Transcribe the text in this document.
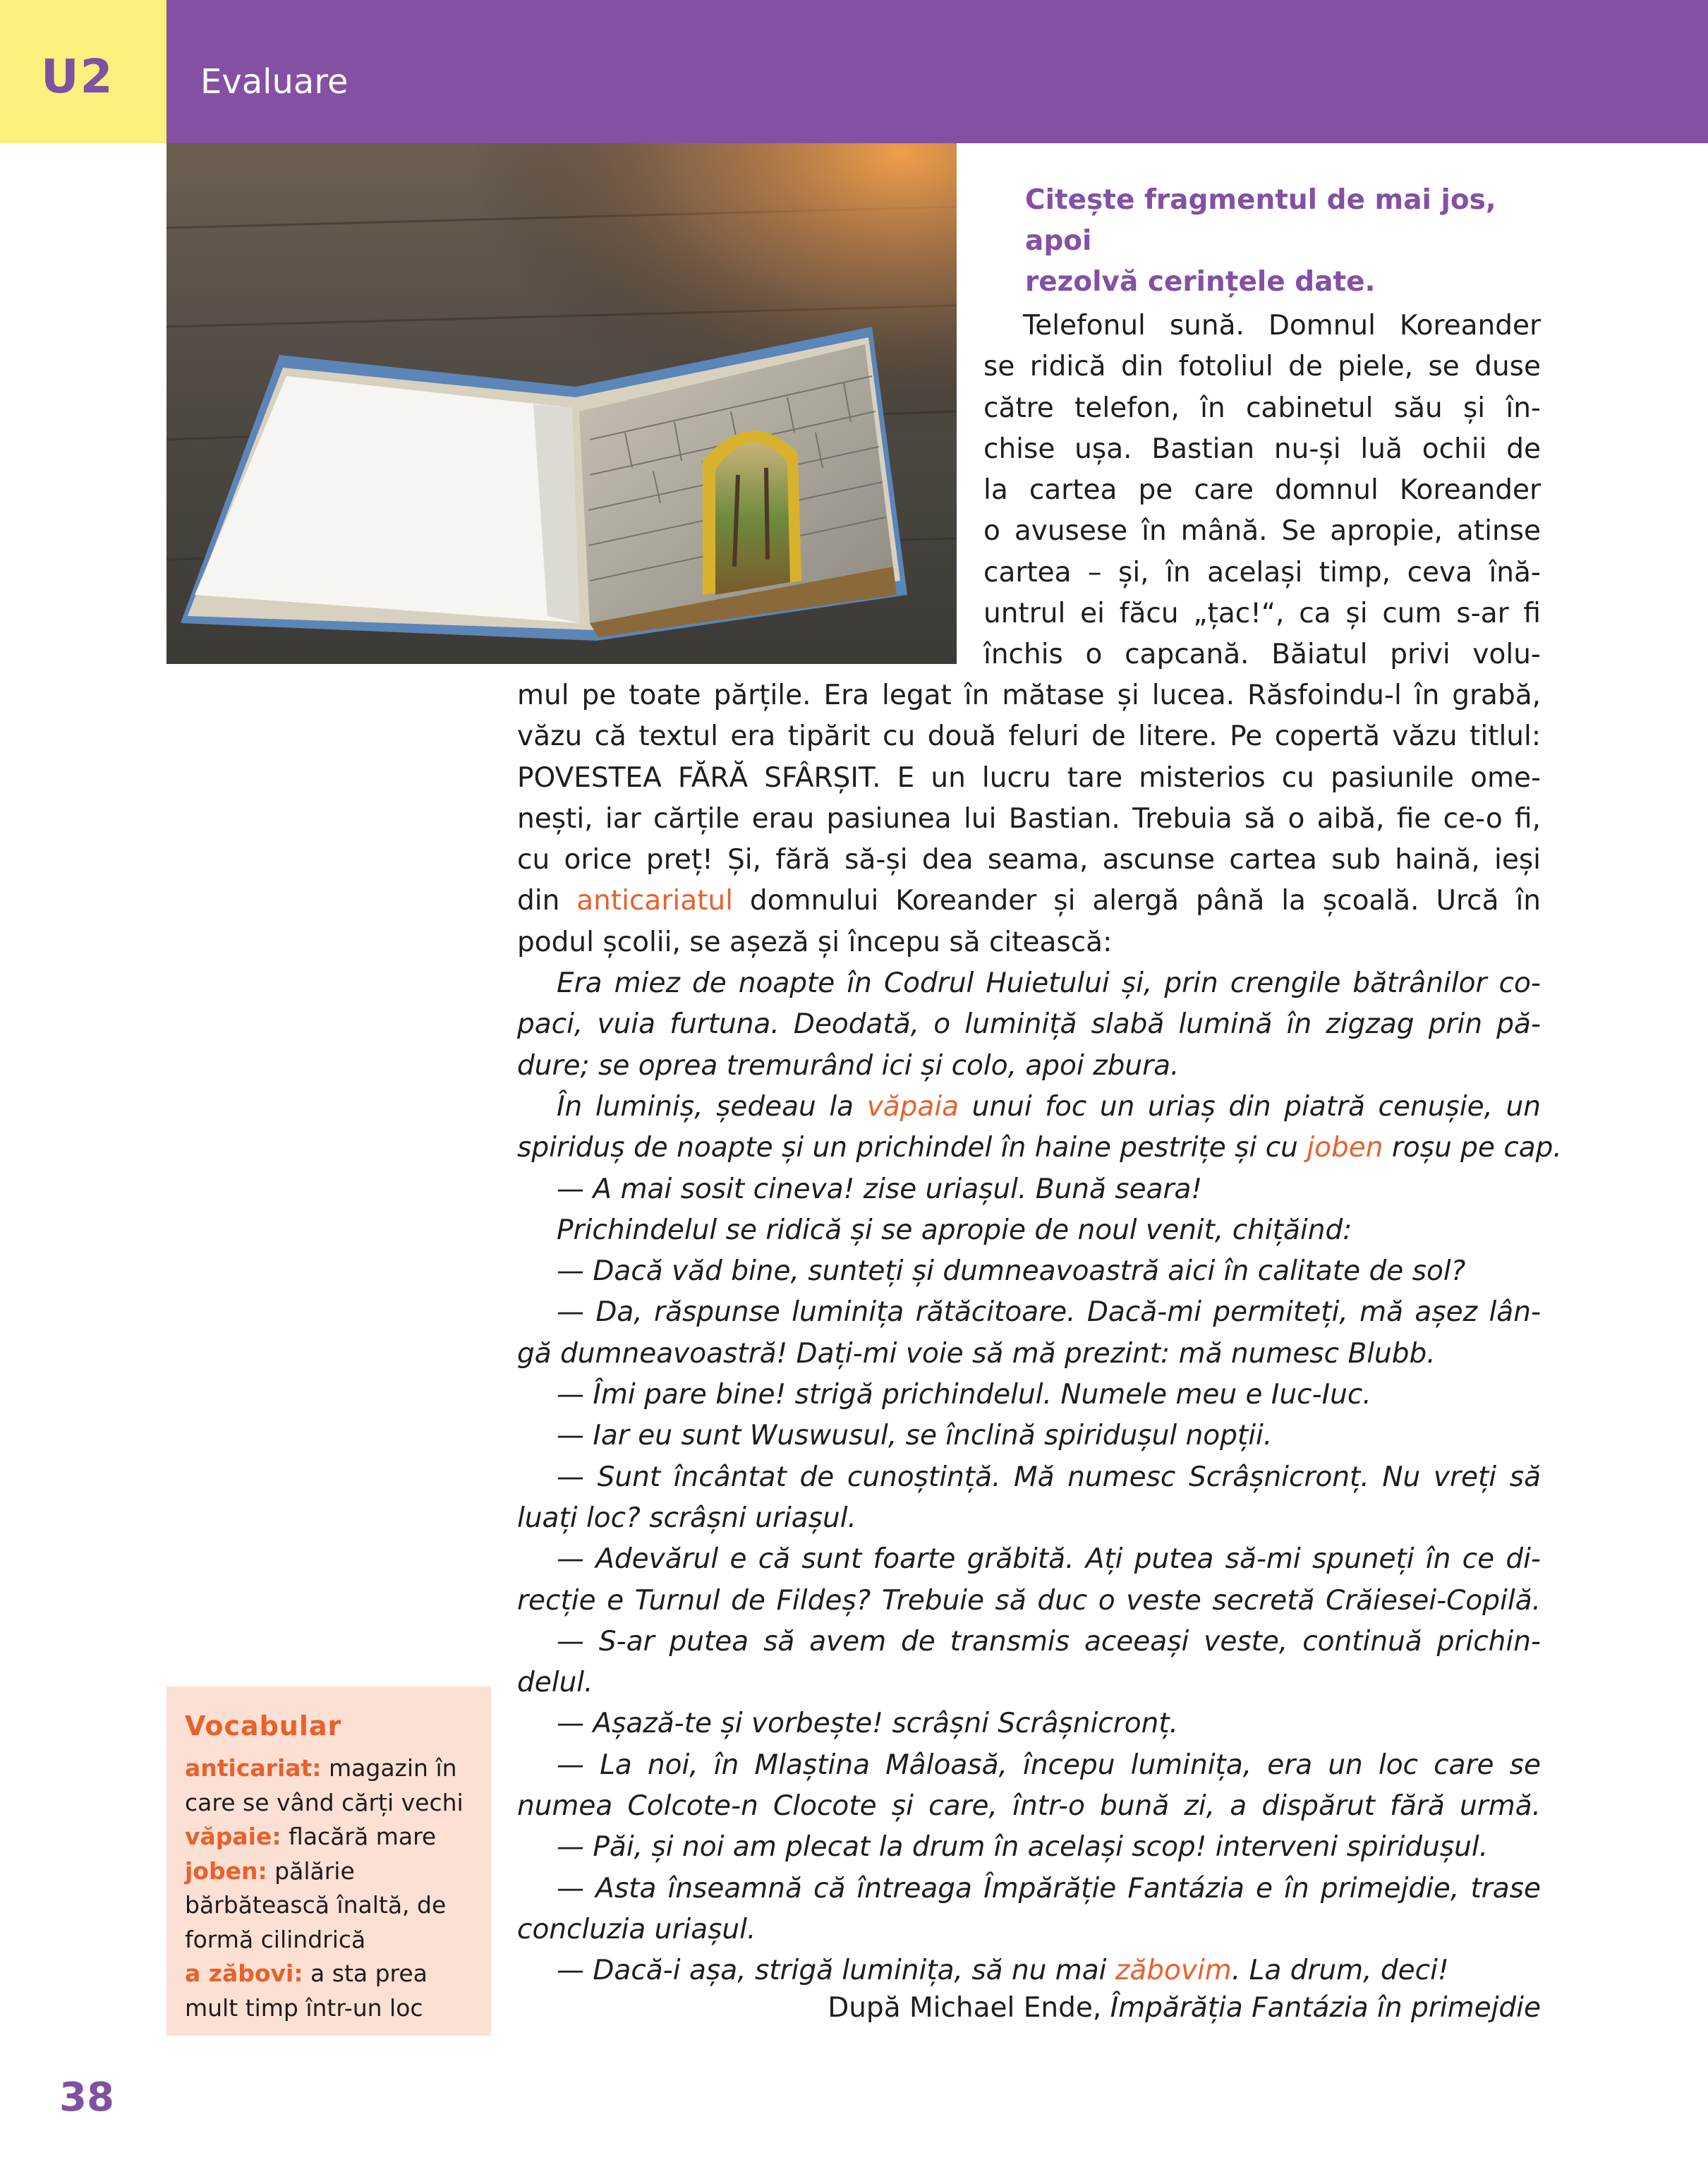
U2	Evaluare
Citește fragmentul de mai jos, apoi
rezolvă cerințele date.
Telefonul sună. Domnul Koreander
se ridică din fotoliul de piele, se duse
către telefon, în cabinetul său și în-
chise ușa. Bastian nu-și luă ochii de
la cartea pe care domnul Koreander
o avusese în mână. Se apropie, atinse
cartea – și, în același timp, ceva înă-
untrul ei făcu „țac!“, ca și cum s-ar fi
închis o capcană. Băiatul privi volu-
mul pe toate părțile. Era legat în mătase și lucea. Răsfoindu-l în grabă,
văzu că textul era tipărit cu două feluri de litere. Pe copertă văzu titlul:
POVESTEA FĂRĂ SFÂRȘIT. E un lucru tare misterios cu pasiunile ome-
nești, iar cărțile erau pasiunea lui Bastian. Trebuia să o aibă, fie ce-o fi,
cu orice preț! Și, fără să-și dea seama, ascunse cartea sub haină, ieși
din anticariatul domnului Koreander și alergă până la școală. Urcă în
podul școlii, se așeză și începu să citească:
Era miez de noapte în Codrul Huietului și, prin crengile bătrânilor co-
paci, vuia furtuna. Deodată, o luminiță slabă lumină în zigzag prin pă-
dure; se oprea tremurând ici și colo, apoi zbura.
În luminiș, ședeau la văpaia unui foc un uriaș din piatră cenușie, un
spiriduș de noapte și un prichindel în haine pestrițe și cu joben roșu pe cap.
— A mai sosit cineva! zise uriașul. Bună seara!
Prichindelul se ridică și se apropie de noul venit, chițăind:
— Dacă văd bine, sunteți și dumneavoastră aici în calitate de sol?
— Da, răspunse luminița rătăcitoare. Dacă-mi permiteți, mă așez lân-
gă dumneavoastră! Dați-mi voie să mă prezint: mă numesc Blubb.
— Îmi pare bine! strigă prichindelul. Numele meu e Iuc-Iuc.
— Iar eu sunt Wuswusul, se înclină spiridușul nopții.
— Sunt încântat de cunoștință. Mă numesc Scrâșnicronț. Nu vreți să
luați loc? scrâșni uriașul.
— Adevărul e că sunt foarte grăbită. Ați putea să-mi spuneți în ce di-
recție e Turnul de Fildeș? Trebuie să duc o veste secretă Crăiesei-Copilă.
— S-ar putea să avem de transmis aceeași veste, continuă prichin-
delul.
— Așază-te și vorbește! scrâșni Scrâșnicronț.
— La noi, în Mlaștina Mâloasă, începu luminița, era un loc care se
numea Colcote-n Clocote și care, într-o bună zi, a dispărut fără urmă.
— Păi, și noi am plecat la drum în același scop! interveni spiridușul.
— Asta înseamnă că întreaga Împărăție Fantázia e în primejdie, trase
concluzia uriașul.
— Dacă-i așa, strigă luminița, să nu mai zăbovim. La drum, deci!
După Michael Ende, Împărăția Fantázia în primejdie
Vocabular
anticariat: magazin în
care se vând cărți vechi
văpaie: flacără mare
joben: pălărie
bărbătească înaltă, de
formă cilindrică
a zăbovi: a sta prea
mult timp într-un loc
38
